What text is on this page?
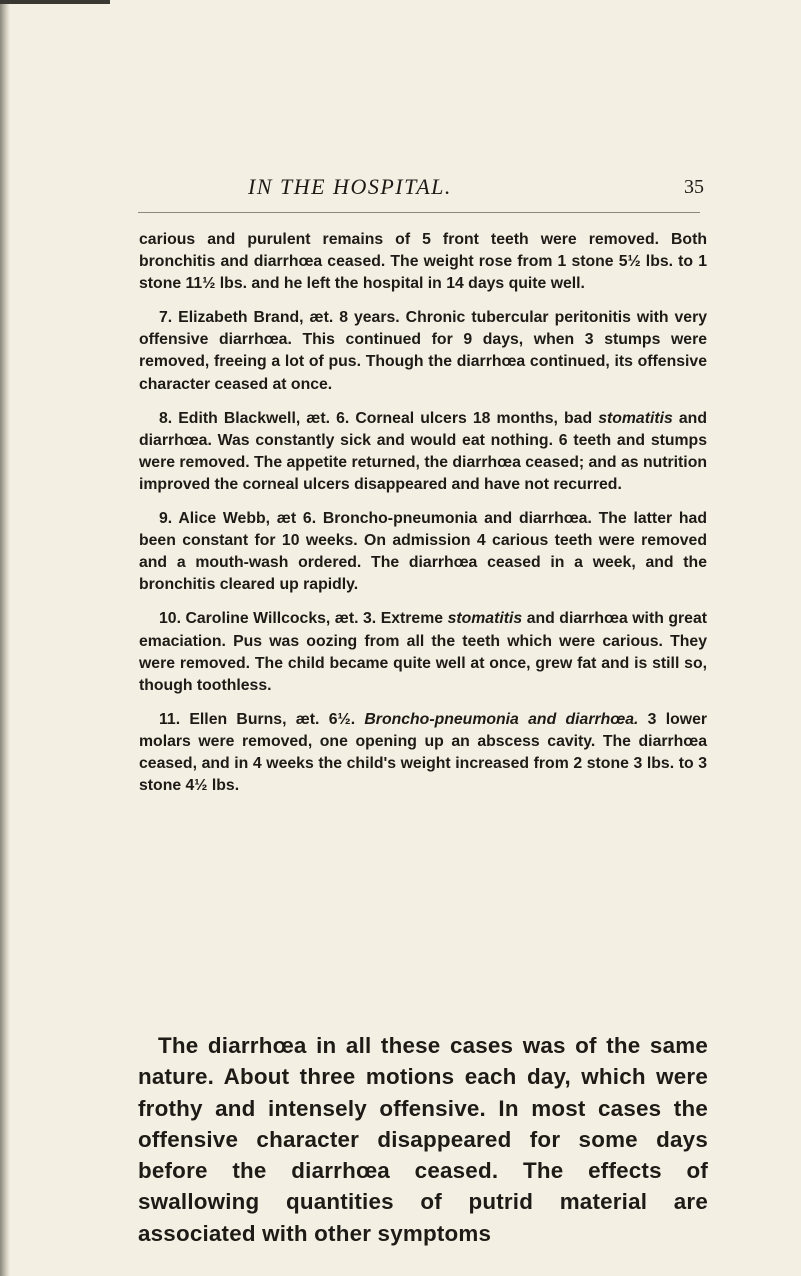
IN THE HOSPITAL.	35

carious and purulent remains of 5 front teeth were removed. Both bronchitis and diarrhœa ceased. The weight rose from 1 stone 5½ lbs. to 1 stone 11½ lbs. and he left the hospital in 14 days quite well.

7. Elizabeth Brand, æt. 8 years. Chronic tubercular peritonitis with very offensive diarrhœa. This continued for 9 days, when 3 stumps were removed, freeing a lot of pus. Though the diarrhœa continued, its offensive character ceased at once.

8. Edith Blackwell, æt. 6. Corneal ulcers 18 months, bad stomatitis and diarrhœa. Was constantly sick and would eat nothing. 6 teeth and stumps were removed. The appetite returned, the diarrhœa ceased; and as nutrition improved the corneal ulcers disappeared and have not recurred.

9. Alice Webb, æt 6. Broncho-pneumonia and diarrhœa. The latter had been constant for 10 weeks. On admission 4 carious teeth were removed and a mouth-wash ordered. The diarrhœa ceased in a week, and the bronchitis cleared up rapidly.

10. Caroline Willcocks, æt. 3. Extreme stomatitis and diarrhœa with great emaciation. Pus was oozing from all the teeth which were carious. They were removed. The child became quite well at once, grew fat and is still so, though toothless.

11. Ellen Burns, æt. 6½. Broncho-pneumonia and diarrhœa. 3 lower molars were removed, one opening up an abscess cavity. The diarrhœa ceased, and in 4 weeks the child's weight increased from 2 stone 3 lbs. to 3 stone 4½ lbs.

The diarrhœa in all these cases was of the same nature. About three motions each day, which were frothy and intensely offensive. In most cases the offensive character disappeared for some days before the diarrhœa ceased. The effects of swallowing quantities of putrid material are associated with other symptoms
